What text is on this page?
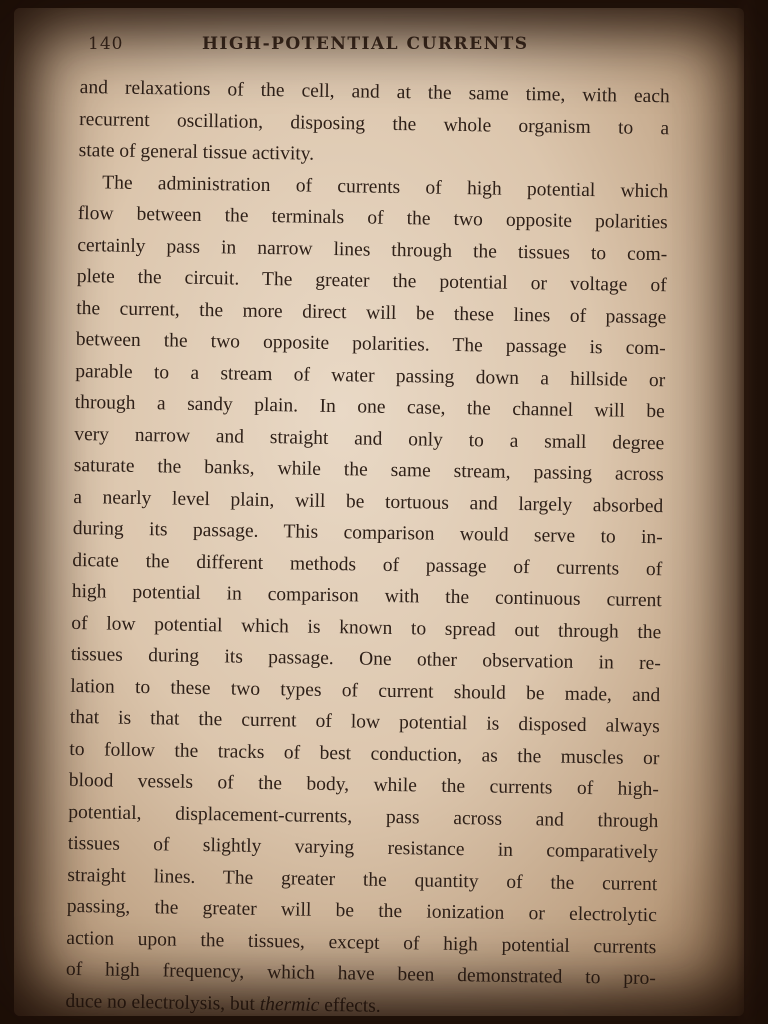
140	HIGH-POTENTIAL CURRENTS
and relaxations of the cell, and at the same time, with each
recurrent oscillation, disposing the whole organism to a
state of general tissue activity.
The administration of currents of high potential which
flow between the terminals of the two opposite polarities
certainly pass in narrow lines through the tissues to com-
plete the circuit. The greater the potential or voltage of
the current, the more direct will be these lines of passage
between the two opposite polarities. The passage is com-
parable to a stream of water passing down a hillside or
through a sandy plain. In one case, the channel will be
very narrow and straight and only to a small degree
saturate the banks, while the same stream, passing across
a nearly level plain, will be tortuous and largely absorbed
during its passage. This comparison would serve to in-
dicate the different methods of passage of currents of
high potential in comparison with the continuous current
of low potential which is known to spread out through the
tissues during its passage. One other observation in re-
lation to these two types of current should be made, and
that is that the current of low potential is disposed always
to follow the tracks of best conduction, as the muscles or
blood vessels of the body, while the currents of high-
potential, displacement-currents, pass across and through
tissues of slightly varying resistance in comparatively
straight lines. The greater the quantity of the current
passing, the greater will be the ionization or electrolytic
action upon the tissues, except of high potential currents
of high frequency, which have been demonstrated to pro-
duce no electrolysis, but thermic effects.
